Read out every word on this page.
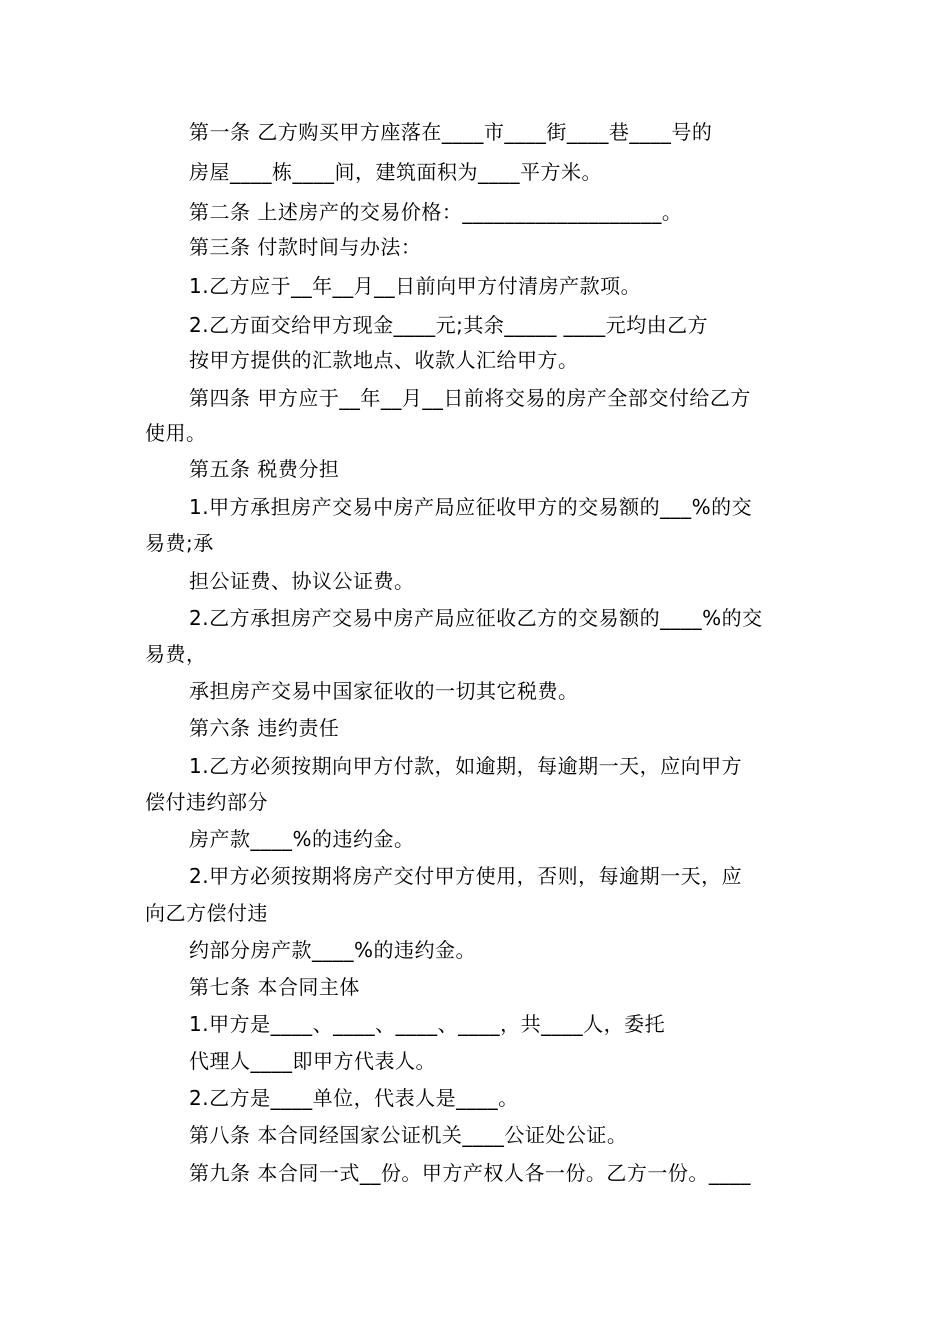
第一条 乙方购买甲方座落在____市____街____巷____号的
房屋____栋____间，建筑面积为____平方米。
第二条 上述房产的交易价格：___________________。
第三条 付款时间与办法：
1.乙方应于__年__月__日前向甲方付清房产款项。
2.乙方面交给甲方现金____元;其余_____ ____元均由乙方
按甲方提供的汇款地点、收款人汇给甲方。
第四条 甲方应于__年__月__日前将交易的房产全部交付给乙方
使用。
第五条 税费分担
1.甲方承担房产交易中房产局应征收甲方的交易额的___%的交
易费;承
担公证费、协议公证费。
2.乙方承担房产交易中房产局应征收乙方的交易额的____%的交
易费，
承担房产交易中国家征收的一切其它税费。
第六条 违约责任
1.乙方必须按期向甲方付款，如逾期，每逾期一天，应向甲方
偿付违约部分
房产款____%的违约金。
2.甲方必须按期将房产交付甲方使用，否则，每逾期一天，应
向乙方偿付违
约部分房产款____%的违约金。
第七条 本合同主体
1.甲方是____、____、____、____，共____人，委托
代理人____即甲方代表人。
2.乙方是____单位，代表人是____。
第八条 本合同经国家公证机关____公证处公证。
第九条 本合同一式__份。甲方产权人各一份。乙方一份。____
